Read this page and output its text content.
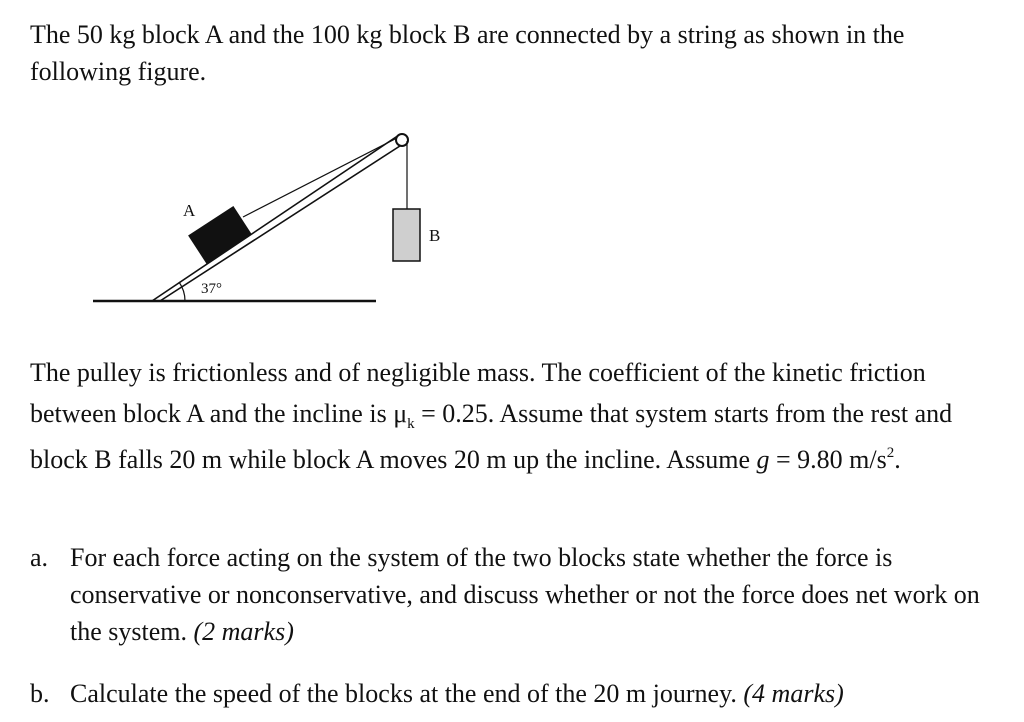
The 50 kg block A and the 100 kg block B are connected by a string as shown in the following figure.

37°
A
B

The pulley is frictionless and of negligible mass. The coefficient of the kinetic friction between block A and the incline is $\mu_k = 0.25$. Assume that system starts from the rest and block B falls 20 m while block A moves 20 m up the incline. Assume g = 9.80 $m/s^2$.

a. For each force acting on the system of the two blocks state whether the force is conservative or nonconservative, and discuss whether or not the force does net work on the system. (2 marks)
b. Calculate the speed of the blocks at the end of the 20 m journey. (4 marks)
